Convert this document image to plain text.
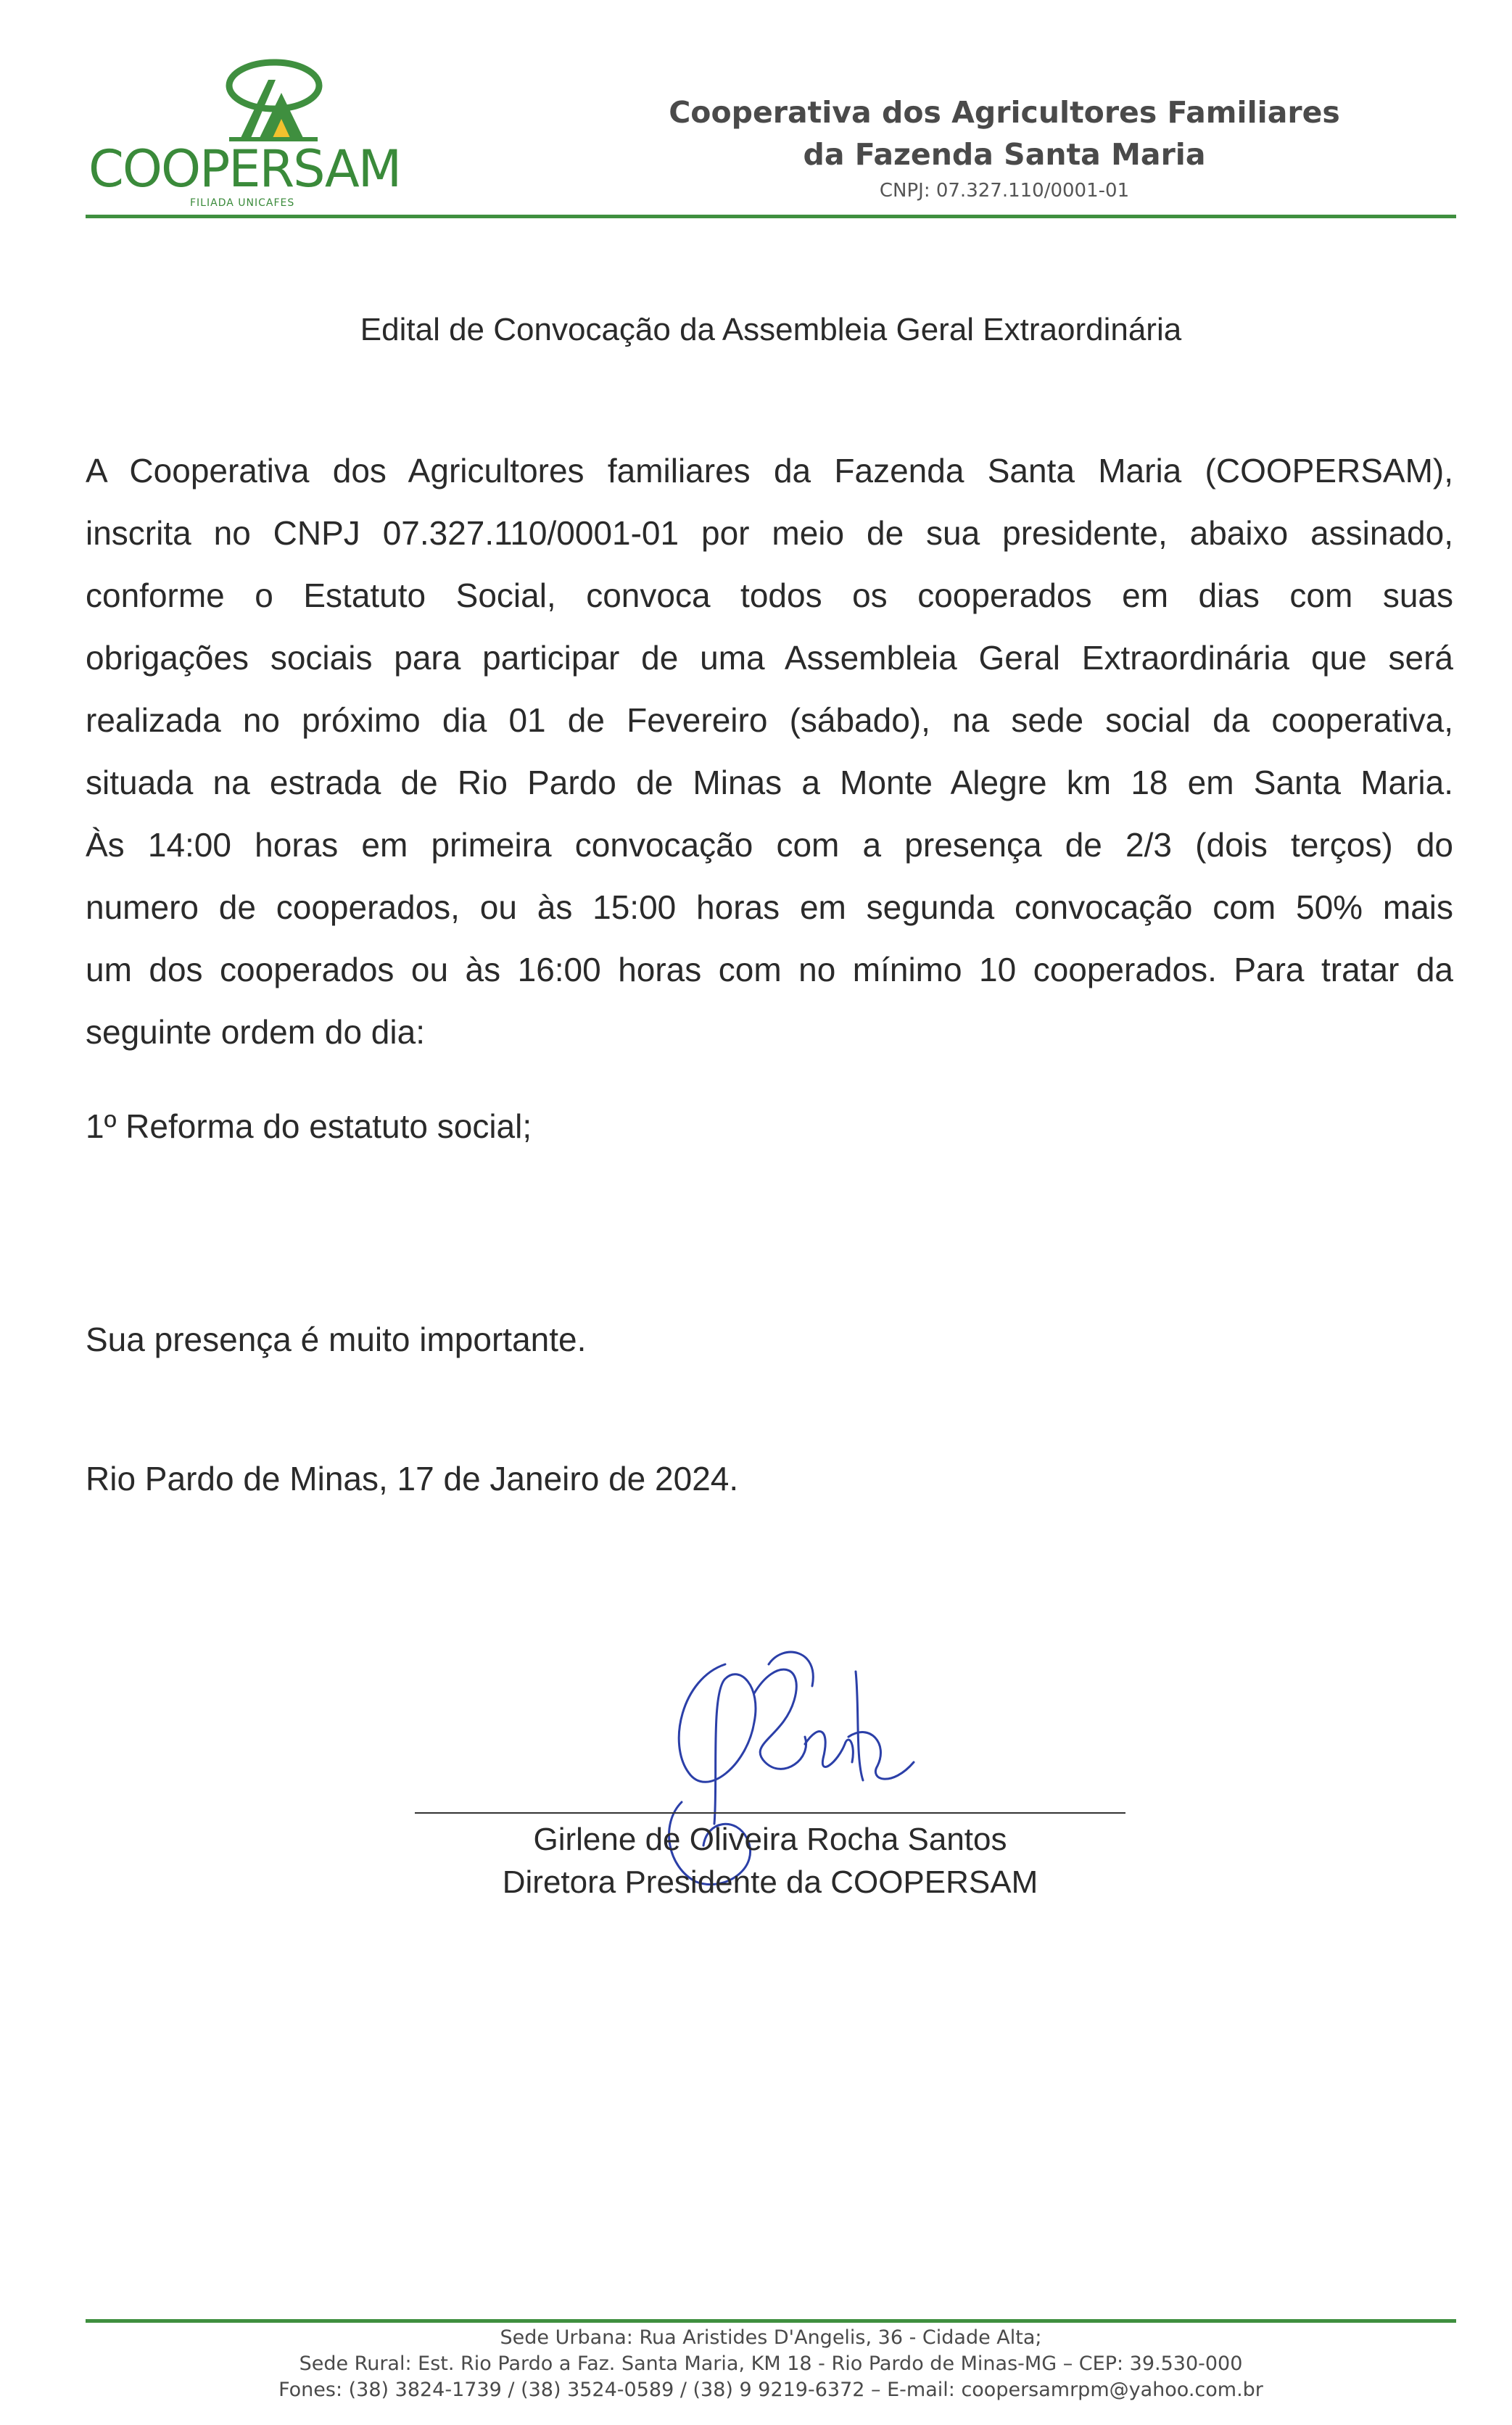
COOPERSAM
FILIADA UNICAFES
Cooperativa dos Agricultores Familiares
da Fazenda Santa Maria
CNPJ: 07.327.110/0001-01
Edital de Convocação da Assembleia Geral Extraordinária
A Cooperativa dos Agricultores familiares da Fazenda Santa Maria (COOPERSAM),
inscrita no CNPJ 07.327.110/0001-01 por meio de sua presidente, abaixo assinado,
conforme o Estatuto Social, convoca todos os cooperados em dias com suas
obrigações sociais para participar de uma Assembleia Geral Extraordinária que será
realizada no próximo dia 01 de Fevereiro (sábado), na sede social da cooperativa,
situada na estrada de Rio Pardo de Minas a Monte Alegre km 18 em Santa Maria.
Às 14:00 horas em primeira convocação com a presença de 2/3 (dois terços) do
numero de cooperados, ou às 15:00 horas em segunda convocação com 50% mais
um dos cooperados ou às 16:00 horas com no mínimo 10 cooperados. Para tratar da
seguinte ordem do dia:
1º Reforma do estatuto social;
Sua presença é muito importante.
Rio Pardo de Minas, 17 de Janeiro de 2024.
Girlene de Oliveira Rocha Santos
Diretora Presidente da COOPERSAM
Sede Urbana: Rua Aristides D'Angelis, 36 - Cidade Alta;
Sede Rural: Est. Rio Pardo a Faz. Santa Maria, KM 18 - Rio Pardo de Minas-MG – CEP: 39.530-000
Fones: (38) 3824-1739 / (38) 3524-0589 / (38) 9 9219-6372 – E-mail: coopersamrpm@yahoo.com.br
